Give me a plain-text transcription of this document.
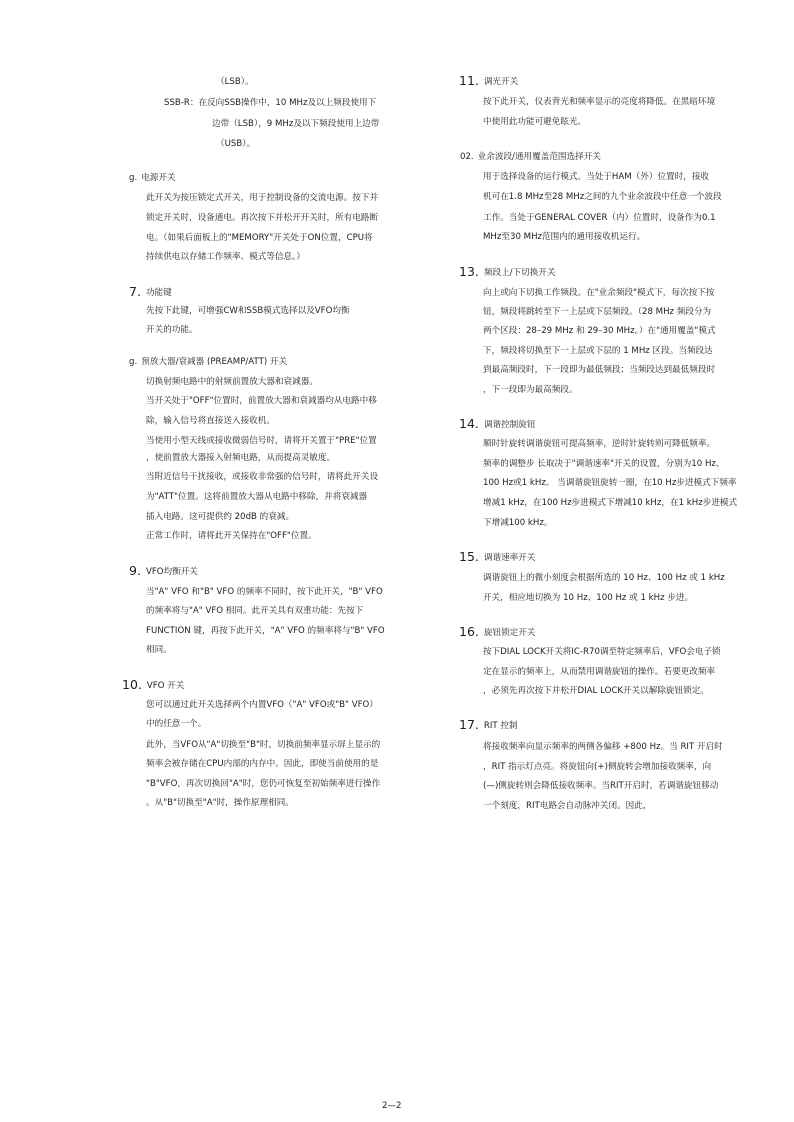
（LSB）。
SSB-R：在反向SSB操作中，10 MHz及以上频段使用下
边带（LSB），9 MHz及以下频段使用上边带
（USB）。
g. 电源开关
此开关为按压锁定式开关，用于控制设备的交流电源。按下并
锁定开关时，设备通电。再次按下并松开开关时，所有电路断
电。（如果后面板上的"MEMORY"开关处于ON位置，CPU将
持续供电以存储工作频率、模式等信息。）
7. 功能键
先按下此键，可增强CW和SSB模式选择以及VFO均衡
开关的功能。
g. 预放大器/衰减器 (PREAMP/ATT) 开关
切换射频电路中的射频前置放大器和衰减器。
当开关处于"OFF"位置时，前置放大器和衰减器均从电路中移
除，输入信号将直接送入接收机。
当使用小型天线或接收微弱信号时，请将开关置于"PRE"位置
，使前置放大器接入射频电路，从而提高灵敏度。
当附近信号干扰接收，或接收非常强的信号时，请将此开关设
为"ATT"位置。这将前置放大器从电路中移除，并将衰减器
插入电路。这可提供约 20dB 的衰减。
正常工作时，请将此开关保持在"OFF"位置。
9. VFO均衡开关
当"A" VFO 和"B" VFO 的频率不同时，按下此开关，"B" VFO
的频率将与"A" VFO 相同。此开关具有双重功能：先按下
FUNCTION 键，再按下此开关，"A" VFO 的频率将与"B" VFO
相同。
10. VFO 开关
您可以通过此开关选择两个内置VFO（"A" VFO或"B" VFO）
中的任意一个。
此外，当VFO从"A"切换至"B"时，切换前频率显示屏上显示的
频率会被存储在CPU内部的内存中。因此，即使当前使用的是
"B"VFO，再次切换回"A"时，您仍可恢复至初始频率进行操作
。从"B"切换至"A"时，操作原理相同。
11. 调光开关
按下此开关，仪表背光和频率显示的亮度将降低。在黑暗环境
中使用此功能可避免眩光。
02. 业余波段/通用覆盖范围选择开关
用于选择设备的运行模式。当处于HAM（外）位置时，接收
机可在1.8 MHz至28 MHz之间的九个业余波段中任意一个波段
工作。当处于GENERAL COVER（内）位置时，设备作为0.1
MHz至30 MHz范围内的通用接收机运行。
13. 频段上/下切换开关
向上或向下切换工作频段。在"业余频段"模式下，每次按下按
钮，频段将跳转至下一上层或下层频段。（28 MHz 频段分为
两个区段：28–29 MHz 和 29–30 MHz。）在"通用覆盖"模式
下，频段将切换至下一上层或下层的 1 MHz 区段。当频段达
到最高频段时，下一段即为最低频段；当频段达到最低频段时
，下一段即为最高频段。
14. 调谐控制旋钮
顺时针旋转调谐旋钮可提高频率，逆时针旋转则可降低频率。
频率的调整步 长取决于"调谐速率"开关的设置，分别为10 Hz、
100 Hz或1 kHz。 当调谐旋钮旋转一圈，在10 Hz步进模式下频率
增减1 kHz，在100 Hz步进模式下增减10 kHz，在1 kHz步进模式
下增减100 kHz。
15. 调谐速率开关
调谐旋钮上的微小刻度会根据所选的 10 Hz、100 Hz 或 1 kHz
开关，相应地切换为 10 Hz、100 Hz 或 1 kHz 步进。
16. 旋钮锁定开关
按下DIAL LOCK开关将IC-R70调至特定频率后，VFO会电子锁
定在显示的频率上，从而禁用调谐旋钮的操作。若要更改频率
，必须先再次按下并松开DIAL LOCK开关以解除旋钮锁定。
17. RIT 控制
将接收频率向显示频率的两侧各偏移 +800 Hz。当 RIT 开启时
，RIT 指示灯点亮。将旋钮向(+)侧旋转会增加接收频率，向
(—)侧旋转则会降低接收频率。当RIT开启时，若调谐旋钮移动
一个刻度，RIT电路会自动脉冲关闭。因此，
2—2
